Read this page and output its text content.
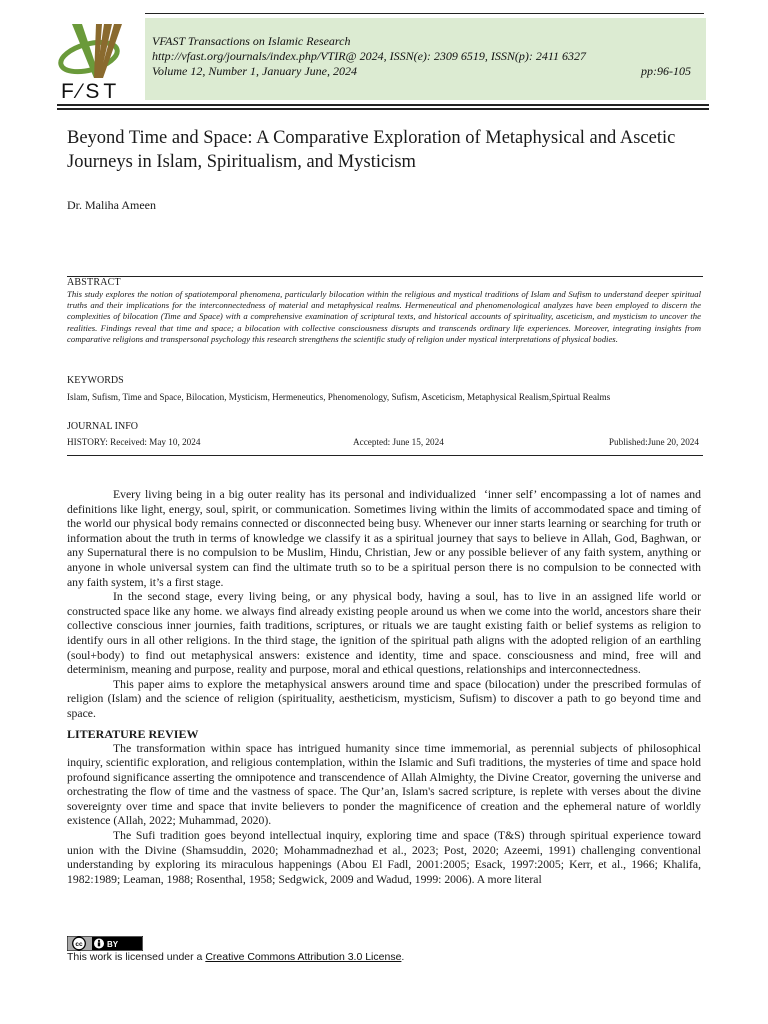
F∕ST
VFAST Transactions on Islamic Research
http://vfast.org/journals/index.php/VTIR@ 2024, ISSN(e): 2309 6519, ISSN(p): 2411 6327
Volume 12, Number 1, January June, 2024	pp:96-105
Beyond Time and Space: A Comparative Exploration of Metaphysical and Ascetic Journeys in Islam, Spiritualism, and Mysticism
Dr. Maliha Ameen
ABSTRACT
This study explores the notion of spatiotemporal phenomena, particularly bilocation within the religious and mystical traditions of Islam and Sufism to understand deeper spiritual truths and their implications for the interconnectedness of material and metaphysical realms. Hermeneutical and phenomenological analyzes have been employed to discern the complexities of bilocation (Time and Space) with a comprehensive examination of scriptural texts, and historical accounts of spirituality, asceticism, and mysticism to uncover the realities. Findings reveal that time and space; a bilocation with collective consciousness disrupts and transcends ordinary life experiences. Moreover, integrating insights from comparative religions and transpersonal psychology this research strengthens the scientific study of religion under mystical interpretations of physical bodies.
KEYWORDS
Islam, Sufism, Time and Space, Bilocation, Mysticism, Hermeneutics, Phenomenology, Sufism, Asceticism, Metaphysical Realism,Spirtual Realms
JOURNAL INFO
HISTORY: Received: May 10, 2024	Accepted: June 15, 2024	Published:June 20, 2024

Every living being in a big outer reality has its personal and individualized  ‘inner self’ encompassing a lot of names and definitions like light, energy, soul, spirit, or communication. Sometimes living within the limits of accommodated space and timing of the world our physical body remains connected or disconnected being busy. Whenever our inner starts learning or searching for truth or information about the truth in terms of knowledge we classify it as a spiritual journey that says to believe in Allah, God, Baghwan, or any Supernatural there is no compulsion to be Muslim, Hindu, Christian, Jew or any possible believer of any faith system, anything or anyone in whole universal system can find the ultimate truth so to be a spiritual person there is no compulsion to be connected with any faith system, it’s a first stage.

In the second stage, every living being, or any physical body, having a soul, has to live in an assigned life world or constructed space like any home. we always find already existing people around us when we come into the world, ancestors share their collective conscious inner journies, faith traditions, scriptures, or rituals we are taught existing faith or belief systems as religion to identify ours in all other religions. In the third stage, the ignition of the spiritual path aligns with the adopted religion of an earthling (soul+body) to find out metaphysical answers: existence and identity, time and space. consciousness and mind, free will and determinism, meaning and purpose, reality and purpose, moral and ethical questions, relationships and interconnectedness.

This paper aims to explore the metaphysical answers around time and space (bilocation) under the prescribed formulas of religion (Islam) and the science of religion (spirituality, aestheticism, mysticism, Sufism) to discover a path to go beyond time and space.

LITERATURE REVIEW

The transformation within space has intrigued humanity since time immemorial, as perennial subjects of philosophical inquiry, scientific exploration, and religious contemplation, within the Islamic and Sufi traditions, the mysteries of time and space hold profound significance asserting the omnipotence and transcendence of Allah Almighty, the Divine Creator, governing the universe and orchestrating the flow of time and the vastness of space. The Qur’an, Islam's sacred scripture, is replete with verses about the divine sovereignty over time and space that invite believers to ponder the magnificence of creation and the ephemeral nature of worldly existence (Allah, 2022; Muhammad, 2020).

The Sufi tradition goes beyond intellectual inquiry, exploring time and space (T&S) through spiritual experience toward union with the Divine (Shamsuddin, 2020; Mohammadnezhad et al., 2023; Post, 2020; Azeemi, 1991) challenging conventional understanding by exploring its miraculous happenings (Abou El Fadl, 2001:2005; Esack, 1997:2005; Kerr, et al., 1966; Khalifa, 1982:1989; Leaman, 1988; Rosenthal, 1958; Sedgwick, 2009 and Wadud, 1999: 2006). A more literal

cc	BY
This work is licensed under a Creative Commons Attribution 3.0 License.
